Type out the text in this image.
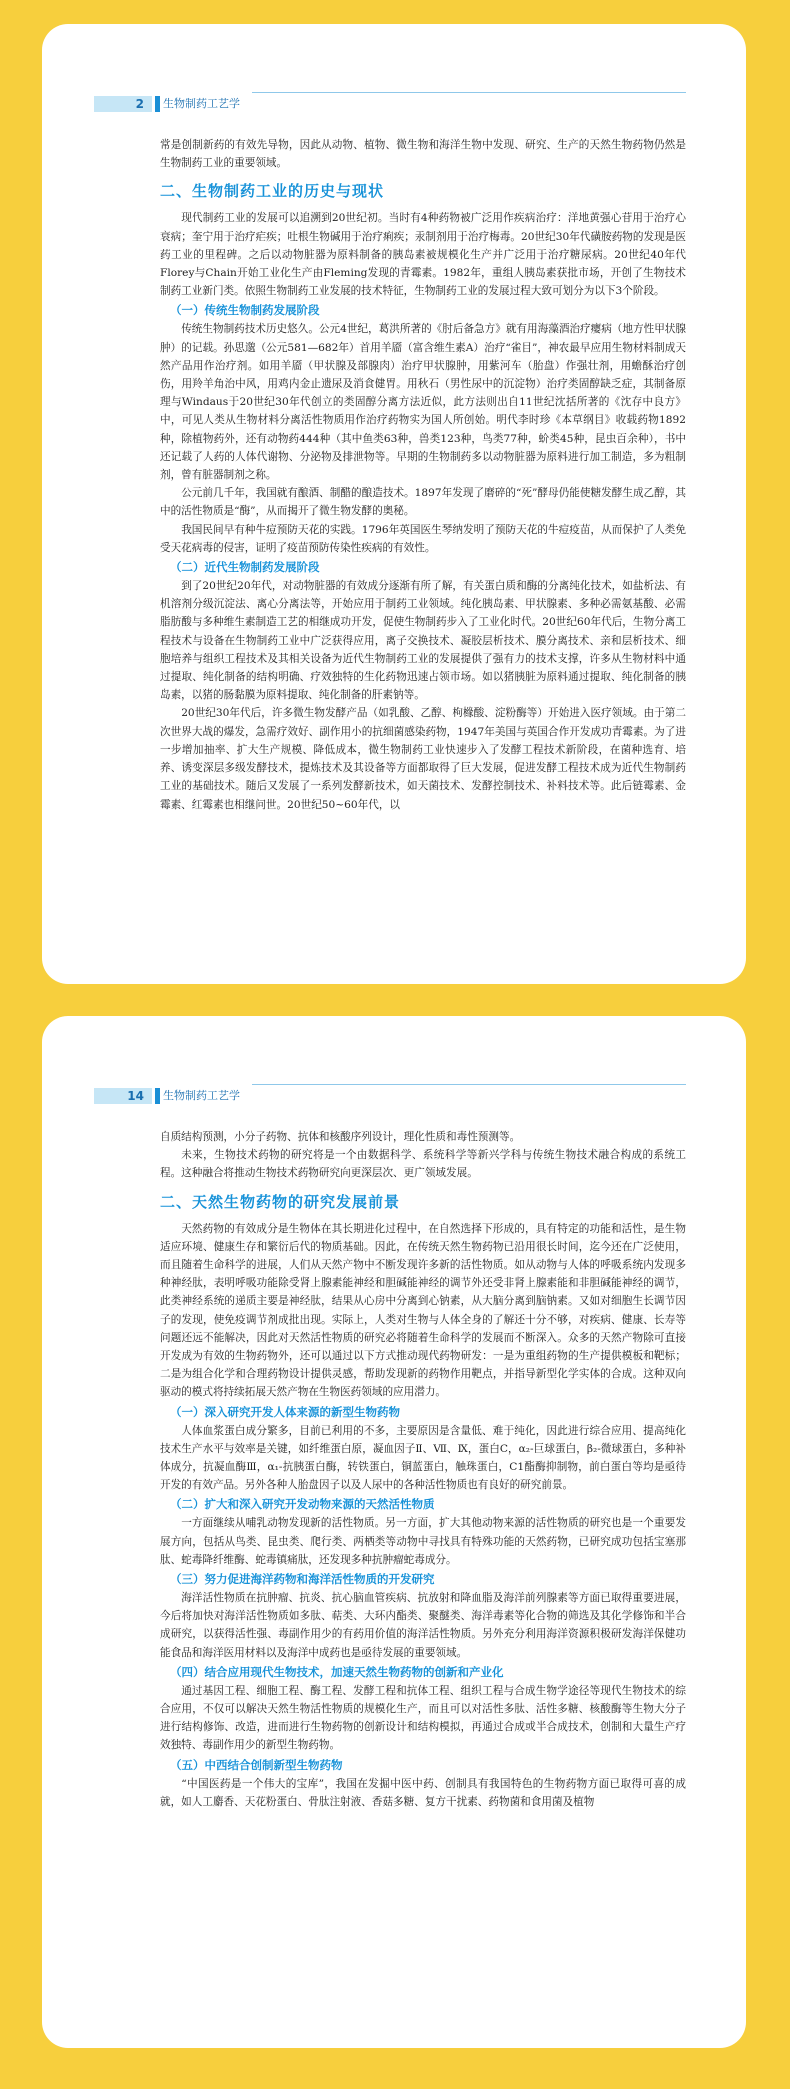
2	生物制药工艺学

常是创制新药的有效先导物，因此从动物、植物、微生物和海洋生物中发现、研究、生产的天然生物药物仍然是生物制药工业的重要领域。

二、生物制药工业的历史与现状

现代制药工业的发展可以追溯到20世纪初。当时有4种药物被广泛用作疾病治疗：洋地黄强心苷用于治疗心衰病；奎宁用于治疗疟疾；吐根生物碱用于治疗痢疾；汞制剂用于治疗梅毒。20世纪30年代磺胺药物的发现是医药工业的里程碑。之后以动物脏器为原料制备的胰岛素被规模化生产并广泛用于治疗糖尿病。20世纪40年代Florey与Chain开始工业化生产由Fleming发现的青霉素。1982年，重组人胰岛素获批市场，开创了生物技术制药工业新门类。依照生物制药工业发展的技术特征，生物制药工业的发展过程大致可划分为以下3个阶段。

（一）传统生物制药发展阶段

传统生物制药技术历史悠久。公元4世纪，葛洪所著的《肘后备急方》就有用海藻酒治疗瘿病（地方性甲状腺肿）的记载。孙思邈（公元581—682年）首用羊靥（富含维生素A）治疗“雀目”，神农最早应用生物材料制成天然产品用作治疗剂。如用羊靥（甲状腺及部腺肉）治疗甲状腺肿，用紫河车（胎盘）作强壮剂，用蟾酥治疗创伤，用羚羊角治中风，用鸡内金止遗尿及消食健胃。用秋石（男性尿中的沉淀物）治疗类固醇缺乏症，其制备原理与Windaus于20世纪30年代创立的类固醇分离方法近似，此方法则出自11世纪沈括所著的《沈存中良方》中，可见人类从生物材料分离活性物质用作治疗药物实为国人所创始。明代李时珍《本草纲目》收载药物1892种，除植物药外，还有动物药444种（其中鱼类63种，兽类123种，鸟类77种，蚧类45种，昆虫百余种），书中还记载了人药的人体代谢物、分泌物及排泄物等。早期的生物制药多以动物脏器为原料进行加工制造，多为粗制剂，曾有脏器制剂之称。

公元前几千年，我国就有酿酒、制醋的酿造技术。1897年发现了磨碎的“死”酵母仍能使糖发酵生成乙醇，其中的活性物质是“酶”，从而揭开了微生物发酵的奥秘。

我国民间早有种牛痘预防天花的实践。1796年英国医生琴纳发明了预防天花的牛痘疫苗，从而保护了人类免受天花病毒的侵害，证明了疫苗预防传染性疾病的有效性。

（二）近代生物制药发展阶段

到了20世纪20年代，对动物脏器的有效成分逐渐有所了解，有关蛋白质和酶的分离纯化技术，如盐析法、有机溶剂分级沉淀法、离心分离法等，开始应用于制药工业领域。纯化胰岛素、甲状腺素、多种必需氨基酸、必需脂肪酸与多种维生素制造工艺的相继成功开发，促使生物制药步入了工业化时代。20世纪60年代后，生物分离工程技术与设备在生物制药工业中广泛获得应用，离子交换技术、凝胶层析技术、膜分离技术、亲和层析技术、细胞培养与组织工程技术及其相关设备为近代生物制药工业的发展提供了强有力的技术支撑，许多从生物材料中通过提取、纯化制备的结构明确、疗效独特的生化药物迅速占领市场。如以猪胰脏为原料通过提取、纯化制备的胰岛素，以猪的肠黏膜为原料提取、纯化制备的肝素钠等。

20世纪30年代后，许多微生物发酵产品（如乳酸、乙醇、枸橼酸、淀粉酶等）开始进入医疗领域。由于第二次世界大战的爆发，急需疗效好、副作用小的抗细菌感染药物，1947年美国与英国合作开发成功青霉素。为了进一步增加抽率、扩大生产规模、降低成本，微生物制药工业快速步入了发酵工程技术新阶段，在菌种选育、培养、诱变深层多级发酵技术，提炼技术及其设备等方面都取得了巨大发展，促进发酵工程技术成为近代生物制药工业的基础技术。随后又发展了一系列发酵新技术，如天菌技术、发酵控制技术、补料技术等。此后链霉素、金霉素、红霉素也相继问世。20世纪50~60年代，以

14	生物制药工艺学

自质结构预测，小分子药物、抗体和核酸序列设计，理化性质和毒性预测等。

未来，生物技术药物的研究将是一个由数据科学、系统科学等新兴学科与传统生物技术融合构成的系统工程。这种融合将推动生物技术药物研究向更深层次、更广领域发展。

二、天然生物药物的研究发展前景

天然药物的有效成分是生物体在其长期进化过程中，在自然选择下形成的，具有特定的功能和活性，是生物适应环境、健康生存和繁衍后代的物质基础。因此，在传统天然生物药物已沿用很长时间，迄今还在广泛使用，而且随着生命科学的进展，人们从天然产物中不断发现许多新的活性物质。如从动物与人体的呼吸系统内发现多种神经肽，表明呼吸功能除受肾上腺素能神经和胆碱能神经的调节外还受非肾上腺素能和非胆碱能神经的调节，此类神经系统的递质主要是神经肽，结果从心房中分离到心钠素，从大脑分离到脑钠素。又如对细胞生长调节因子的发现，使免疫调节剂成批出现。实际上，人类对生物与人体全身的了解还十分不够，对疾病、健康、长寿等问题还远不能解决，因此对天然活性物质的研究必将随着生命科学的发展而不断深入。众多的天然产物除可直接开发成为有效的生物药物外，还可以通过以下方式推动现代药物研发：一是为重组药物的生产提供模板和靶标；二是为组合化学和合理药物设计提供灵感，帮助发现新的药物作用靶点，并指导新型化学实体的合成。这种双向驱动的模式将持续拓展天然产物在生物医药领域的应用潜力。

（一）深入研究开发人体来源的新型生物药物

人体血浆蛋白成分繁多，目前已利用的不多，主要原因是含量低、难于纯化，因此进行综合应用、提高纯化技术生产水平与效率是关键，如纤维蛋白原，凝血因子Ⅱ、Ⅶ、Ⅸ，蛋白C，α₂-巨球蛋白，β₂-微球蛋白，多种补体成分，抗凝血酶Ⅲ，α₁-抗胰蛋白酶，转铁蛋白，铜蓝蛋白，触珠蛋白，C1酯酶抑制物，前白蛋白等均是亟待开发的有效产品。另外各种人胎盘因子以及人尿中的各种活性物质也有良好的研究前景。

（二）扩大和深入研究开发动物来源的天然活性物质

一方面继续从哺乳动物发现新的活性物质。另一方面，扩大其他动物来源的活性物质的研究也是一个重要发展方向，包括从鸟类、昆虫类、爬行类、两栖类等动物中寻找具有特殊功能的天然药物，已研究成功包括宝塞那肽、蛇毒降纤维酶、蛇毒镇痛肽，还发现多种抗肿瘤蛇毒成分。

（三）努力促进海洋药物和海洋活性物质的开发研究

海洋活性物质在抗肿瘤、抗炎、抗心脑血管疾病、抗放射和降血脂及海洋前列腺素等方面已取得重要进展，今后将加快对海洋活性物质如多肽、萜类、大环内酯类、聚醚类、海洋毒素等化合物的筛选及其化学修饰和半合成研究，以获得活性强、毒副作用少的有药用价值的海洋活性物质。另外充分利用海洋资源积极研发海洋保健功能食品和海洋医用材料以及海洋中成药也是亟待发展的重要领域。

（四）结合应用现代生物技术，加速天然生物药物的创新和产业化

通过基因工程、细胞工程、酶工程、发酵工程和抗体工程、组织工程与合成生物学途径等现代生物技术的综合应用，不仅可以解决天然生物活性物质的规模化生产，而且可以对活性多肽、活性多糖、核酸酶等生物大分子进行结构修饰、改造，进而进行生物药物的创新设计和结构模拟，再通过合成或半合成技术，创制和大量生产疗效独特、毒副作用少的新型生物药物。

（五）中西结合创制新型生物药物

“中国医药是一个伟大的宝库”，我国在发掘中医中药、创制具有我国特色的生物药物方面已取得可喜的成就，如人工麝香、天花粉蛋白、骨肽注射液、香菇多糖、复方干扰素、药物菌和食用菌及植物
